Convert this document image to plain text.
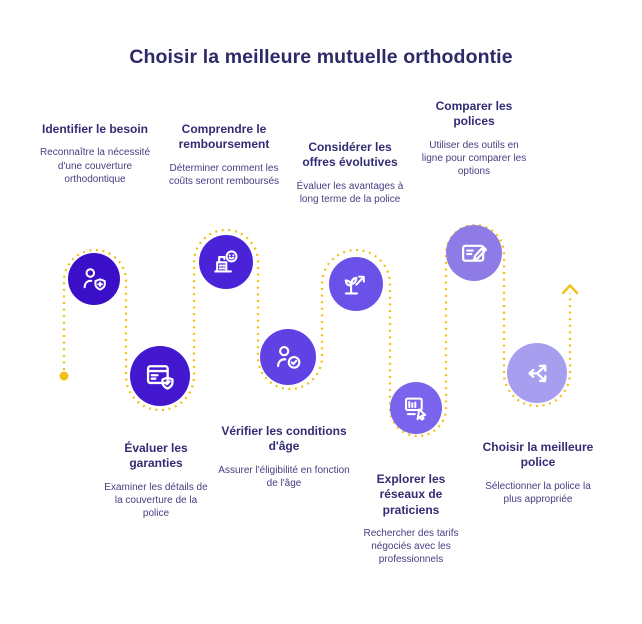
Choisir la meilleure mutuelle orthodontie
Identifier le besoin
Reconnaître la nécessité d'une couverture orthodontique
Comprendre le remboursement
Déterminer comment les coûts seront remboursés
Considérer les offres évolutives
Évaluer les avantages à long terme de la police
Comparer les polices
Utiliser des outils en ligne pour comparer les options
Évaluer les garanties
Examiner les détails de la couverture de la police
Vérifier les conditions d'âge
Assurer l'éligibilité en fonction de l'âge	Explorer les réseaux de praticiens
Rechercher des tarifs négociés avec les professionnels
Choisir la meilleure police
Sélectionner la police la plus appropriée
